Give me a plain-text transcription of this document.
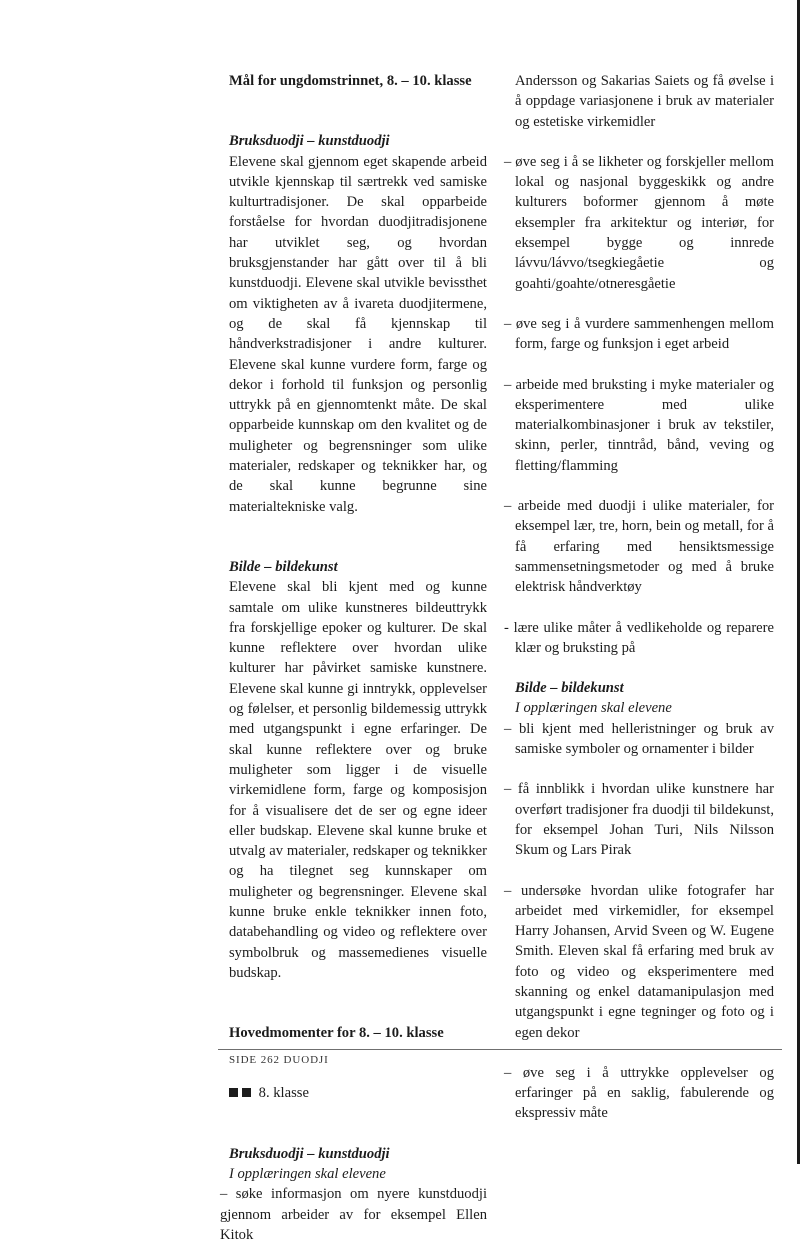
Mål for ungdomstrinnet, 8. – 10. klasse

Bruksduodji – kunstduodji

Elevene skal gjennom eget skapende arbeid utvikle kjennskap til særtrekk ved samiske kulturtradisjoner. De skal opparbeide forståelse for hvordan duodjitradisjonene har utviklet seg, og hvordan bruksgjenstander har gått over til å bli kunstduodji. Elevene skal utvikle bevissthet om viktigheten av å ivareta duodjitermene, og de skal få kjennskap til håndverkstradisjoner i andre kulturer. Elevene skal kunne vurdere form, farge og dekor i forhold til funksjon og personlig uttrykk på en gjennomtenkt måte. De skal opparbeide kunnskap om den kvalitet og de muligheter og begrensninger som ulike materialer, redskaper og teknikker har, og de skal kunne begrunne sine materialtekniske valg.

Bilde – bildekunst

Elevene skal bli kjent med og kunne samtale om ulike kunstneres bildeuttrykk fra forskjellige epoker og kulturer. De skal kunne reflektere over hvordan ulike kulturer har påvirket samiske kunstnere. Elevene skal kunne gi inntrykk, opplevelser og følelser, et personlig bildemessig uttrykk med utgangspunkt i egne erfaringer. De skal kunne reflektere over og bruke muligheter som ligger i de visuelle virkemidlene form, farge og komposisjon for å visualisere det de ser og egne ideer eller budskap. Elevene skal kunne bruke et utvalg av materialer, redskaper og teknikker og ha tilegnet seg kunnskaper om muligheter og begrensninger. Elevene skal kunne bruke enkle teknikker innen foto, databehandling og video og reflektere over symbolbruk og massemedienes visuelle budskap.

Hovedmomenter for 8. – 10. klasse

8. klasse

Bruksduodji – kunstduodji

I opplæringen skal elevene

– søke informasjon om nyere kunstduodji gjennom arbeider av for eksempel Ellen Kitok

Andersson og Sakarias Saiets og få øvelse i å oppdage variasjonene i bruk av materialer og estetiske virkemidler

– øve seg i å se likheter og forskjeller mellom lokal og nasjonal byggeskikk og andre kulturers boformer gjennom å møte eksempler fra arkitektur og interiør, for eksempel bygge og innrede lávvu/lávvo/tsegkiegåetie og goahti/goahte/otneresgåetie

– øve seg i å vurdere sammenhengen mellom form, farge og funksjon i eget arbeid

– arbeide med bruksting i myke materialer og eksperimentere med ulike materialkombinasjoner i bruk av tekstiler, skinn, perler, tinntråd, bånd, veving og fletting/flamming

– arbeide med duodji i ulike materialer, for eksempel lær, tre, horn, bein og metall, for å få erfaring med hensiktsmessige sammensetningsmetoder og med å bruke elektrisk håndverktøy

- lære ulike måter å vedlikeholde og reparere klær og bruksting på

Bilde – bildekunst

I opplæringen skal elevene

– bli kjent med helleristninger og bruk av samiske symboler og ornamenter i bilder

– få innblikk i hvordan ulike kunstnere har overført tradisjoner fra duodji til bildekunst, for eksempel Johan Turi, Nils Nilsson Skum og Lars Pirak

– undersøke hvordan ulike fotografer har arbeidet med virkemidler, for eksempel Harry Johansen, Arvid Sveen og W. Eugene Smith. Eleven skal få erfaring med bruk av foto og video og eksperimentere med skanning og enkel datamanipulasjon med utgangspunkt i egne tegninger og foto og i egen dekor

– øve seg i å uttrykke opplevelser og erfaringer på en saklig, fabulerende og ekspressiv måte

SIDE 262 DUODJI
